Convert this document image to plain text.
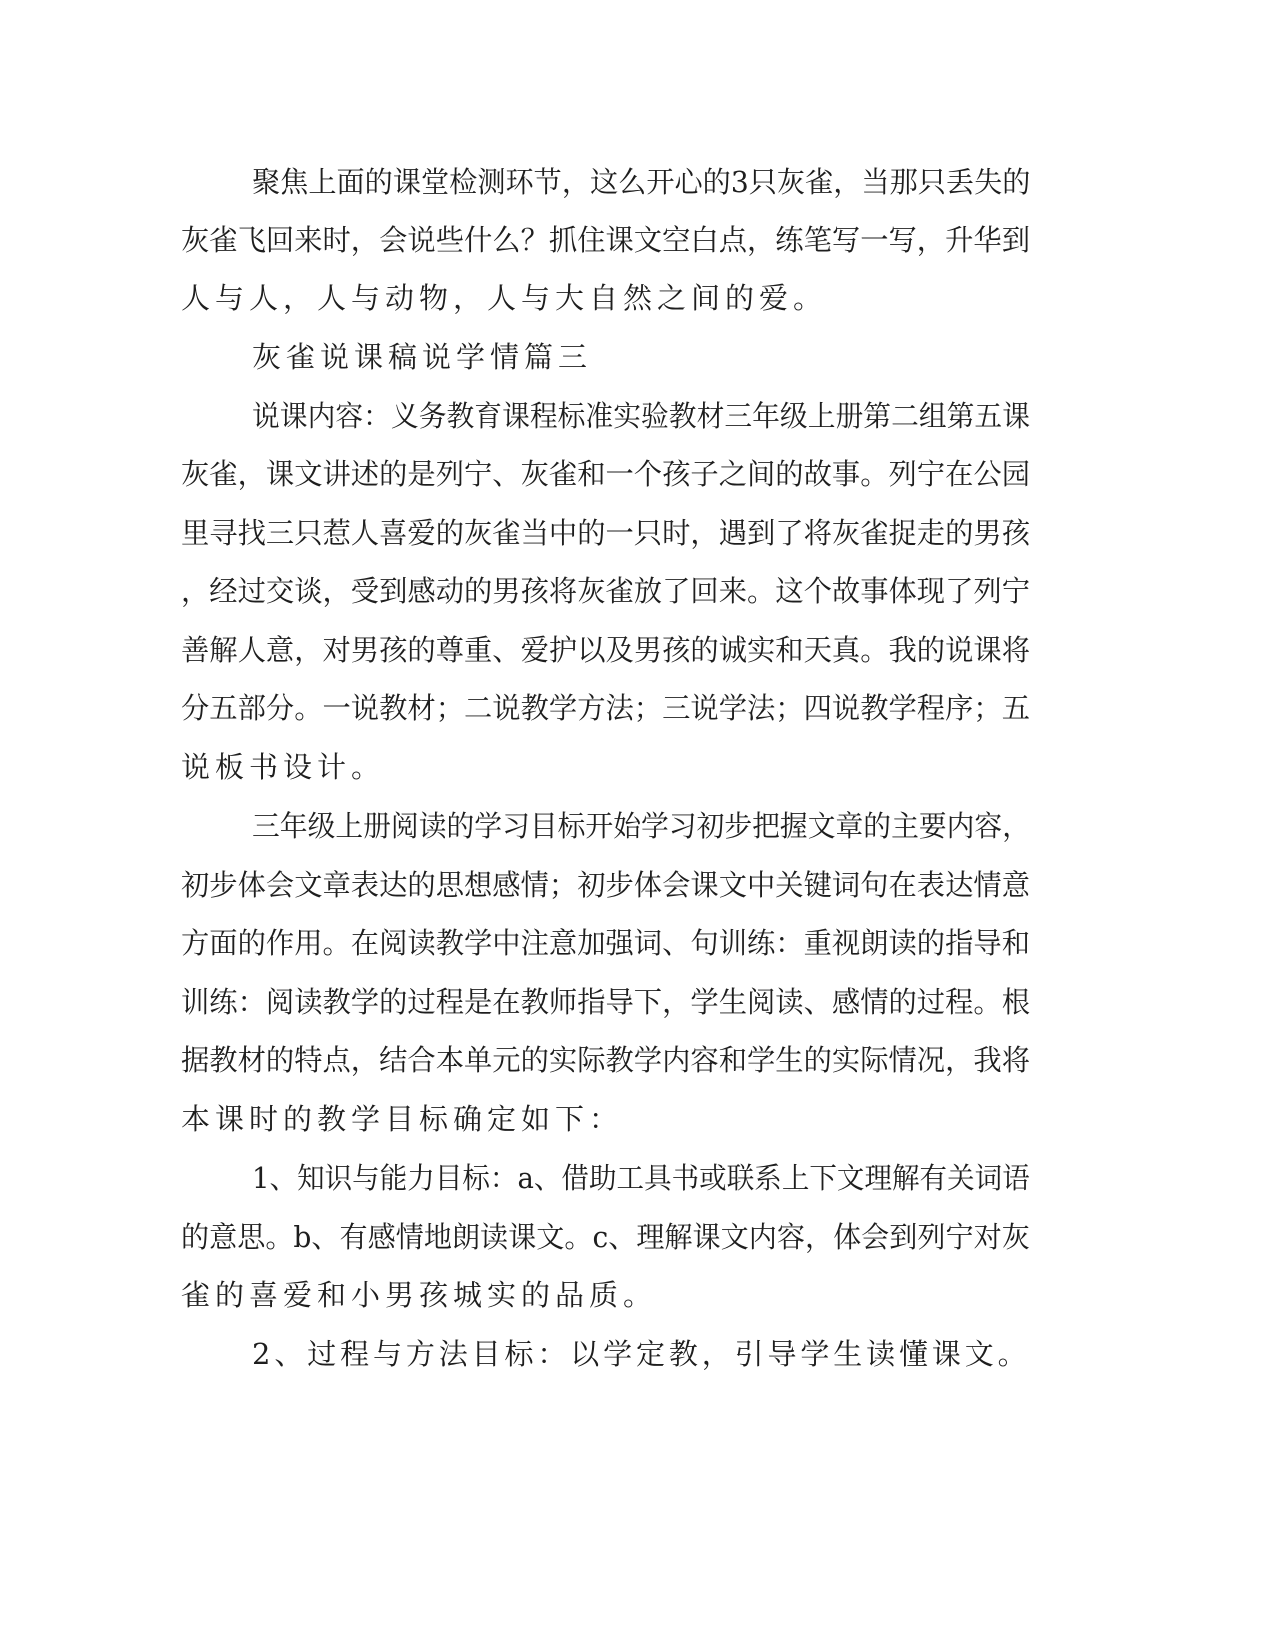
聚焦上面的课堂检测环节，这么开心的3只灰雀，当那只丢失的

灰雀飞回来时，会说些什么？抓住课文空白点，练笔写一写，升华到

人与人，人与动物，人与大自然之间的爱。

灰雀说课稿说学情篇三

说课内容：义务教育课程标准实验教材三年级上册第二组第五课

灰雀，课文讲述的是列宁、灰雀和一个孩子之间的故事。列宁在公园

里寻找三只惹人喜爱的灰雀当中的一只时，遇到了将灰雀捉走的男孩

，经过交谈，受到感动的男孩将灰雀放了回来。这个故事体现了列宁

善解人意，对男孩的尊重、爱护以及男孩的诚实和天真。我的说课将

分五部分。一说教材；二说教学方法；三说学法；四说教学程序；五

说板书设计。

三年级上册阅读的学习目标开始学习初步把握文章的主要内容，

初步体会文章表达的思想感情；初步体会课文中关键词句在表达情意

方面的作用。在阅读教学中注意加强词、句训练：重视朗读的指导和

训练：阅读教学的过程是在教师指导下，学生阅读、感情的过程。根

据教材的特点，结合本单元的实际教学内容和学生的实际情况，我将

本课时的教学目标确定如下：

1、知识与能力目标：a、借助工具书或联系上下文理解有关词语

的意思。b、有感情地朗读课文。c、理解课文内容，体会到列宁对灰

雀的喜爱和小男孩城实的品质。

2、过程与方法目标：以学定教，引导学生读懂课文。
